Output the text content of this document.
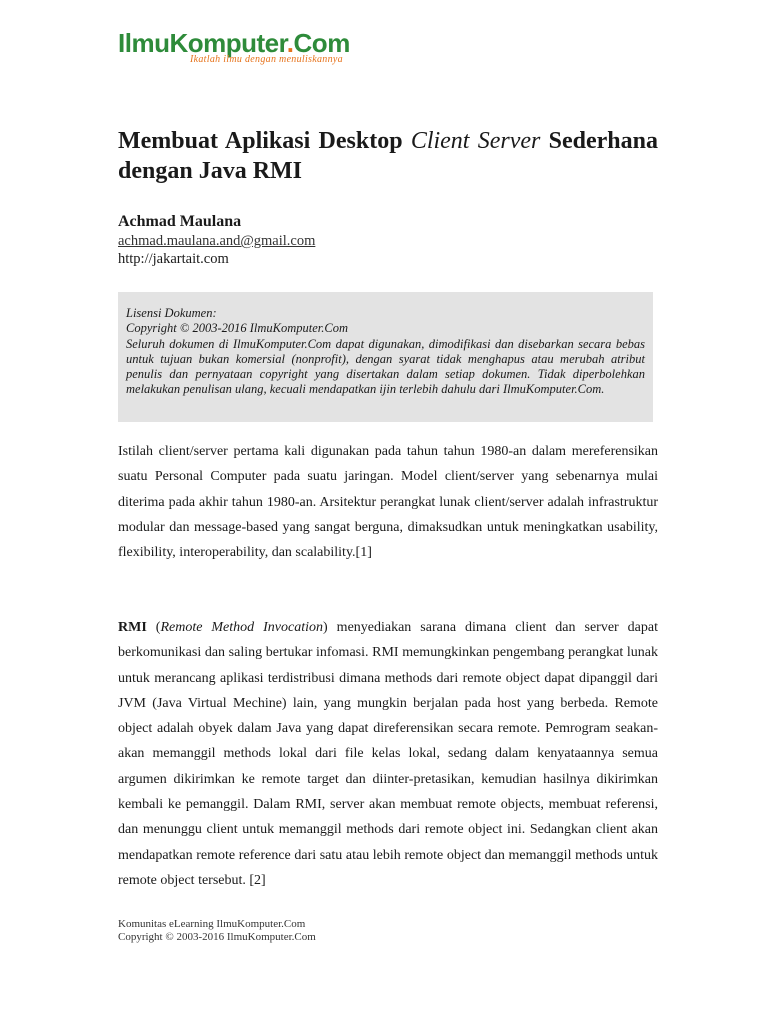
IlmuKomputer.Com
Ikatlah ilmu dengan menuliskannya
Membuat Aplikasi Desktop Client Server Sederhana dengan Java RMI
Achmad Maulana
achmad.maulana.and@gmail.com
http://jakartait.com

Lisensi Dokumen:

Copyright © 2003-2016 IlmuKomputer.Com

Seluruh dokumen di IlmuKomputer.Com dapat digunakan, dimodifikasi dan disebarkan secara bebas untuk tujuan bukan komersial (nonprofit), dengan syarat tidak menghapus atau merubah atribut penulis dan pernyataan copyright yang disertakan dalam setiap dokumen. Tidak diperbolehkan melakukan penulisan ulang, kecuali mendapatkan ijin terlebih dahulu dari IlmuKomputer.Com.

Istilah client/server pertama kali digunakan pada tahun tahun 1980-an dalam mereferensikan suatu Personal Computer pada suatu jaringan. Model client/server yang sebenarnya mulai diterima pada akhir tahun 1980-an. Arsitektur perangkat lunak client/server adalah infrastruktur modular dan message-based yang sangat berguna, dimaksudkan untuk meningkatkan usability, flexibility, interoperability, dan scalability.[1]

RMI (Remote Method Invocation) menyediakan sarana dimana client dan server dapat berkomunikasi dan saling bertukar infomasi. RMI memungkinkan pengembang perangkat lunak untuk merancang aplikasi terdistribusi dimana methods dari remote object dapat dipanggil dari JVM (Java Virtual Mechine) lain, yang mungkin berjalan pada host yang berbeda. Remote object adalah obyek dalam Java yang dapat direferensikan secara remote. Pemrogram seakan- akan memanggil methods lokal dari file kelas lokal, sedang dalam kenyataannya semua argumen dikirimkan ke remote target dan diinter-pretasikan, kemudian hasilnya dikirimkan kembali ke pemanggil. Dalam RMI, server akan membuat remote objects, membuat referensi, dan menunggu client untuk memanggil methods dari remote object ini. Sedangkan client akan mendapatkan remote reference dari satu atau lebih remote object dan memanggil methods untuk remote object tersebut. [2]

Komunitas eLearning IlmuKomputer.Com
Copyright © 2003-2016 IlmuKomputer.Com
